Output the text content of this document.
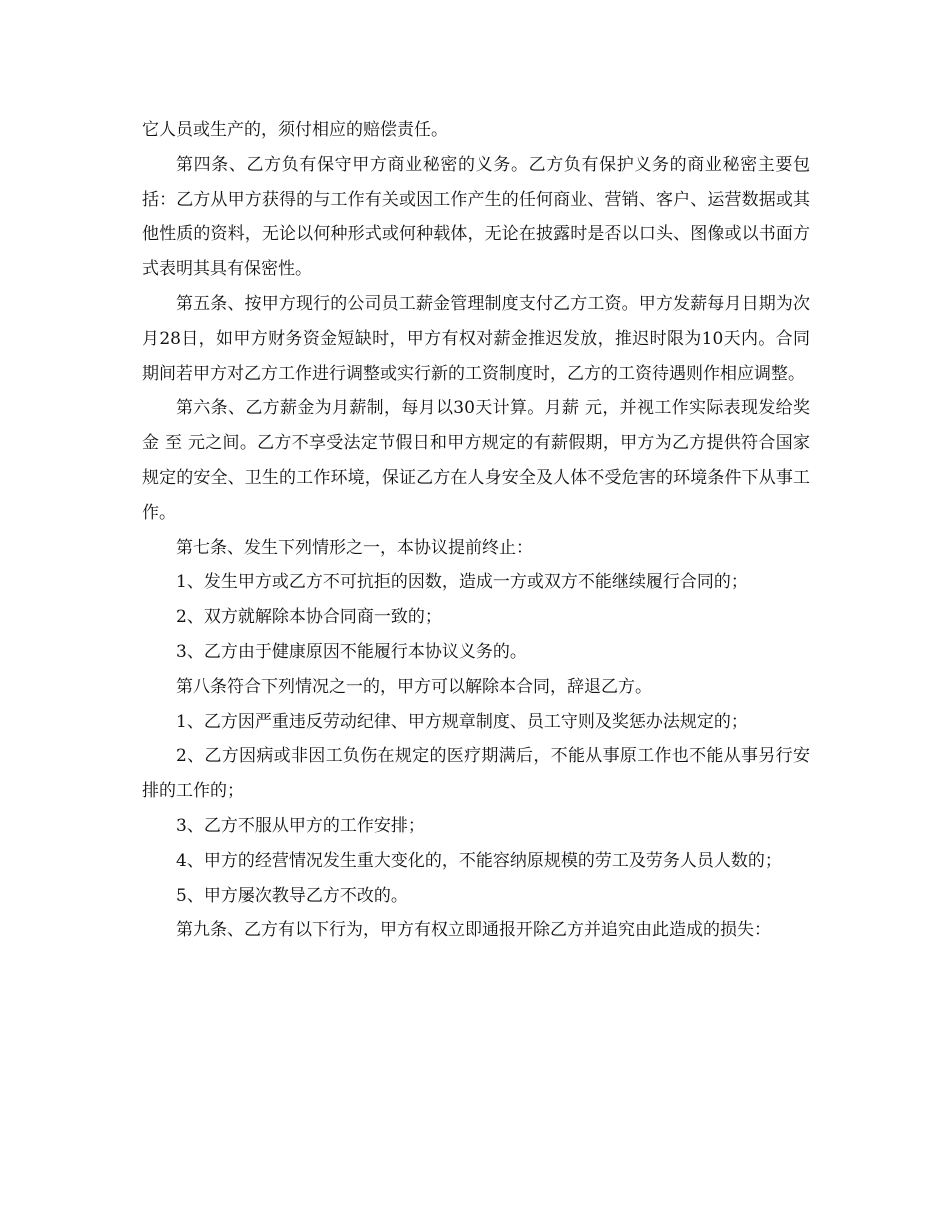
它人员或生产的，须付相应的赔偿责任。

第四条、乙方负有保守甲方商业秘密的义务。乙方负有保护义务的商业秘密主要包括：乙方从甲方获得的与工作有关或因工作产生的任何商业、营销、客户、运营数据或其他性质的资料，无论以何种形式或何种载体，无论在披露时是否以口头、图像或以书面方式表明其具有保密性。

第五条、按甲方现行的公司员工薪金管理制度支付乙方工资。甲方发薪每月日期为次月28日，如甲方财务资金短缺时，甲方有权对薪金推迟发放，推迟时限为10天内。合同期间若甲方对乙方工作进行调整或实行新的工资制度时，乙方的工资待遇则作相应调整。

第六条、乙方薪金为月薪制，每月以30天计算。月薪 元，并视工作实际表现发给奖金 至 元之间。乙方不享受法定节假日和甲方规定的有薪假期，甲方为乙方提供符合国家规定的安全、卫生的工作环境，保证乙方在人身安全及人体不受危害的环境条件下从事工作。

第七条、发生下列情形之一，本协议提前终止：

1、发生甲方或乙方不可抗拒的因数，造成一方或双方不能继续履行合同的；

2、双方就解除本协合同商一致的；

3、乙方由于健康原因不能履行本协议义务的。

第八条符合下列情况之一的，甲方可以解除本合同，辞退乙方。

1、乙方因严重违反劳动纪律、甲方规章制度、员工守则及奖惩办法规定的；

2、乙方因病或非因工负伤在规定的医疗期满后，不能从事原工作也不能从事另行安排的工作的；

3、乙方不服从甲方的工作安排；

4、甲方的经营情况发生重大变化的，不能容纳原规模的劳工及劳务人员人数的；

5、甲方屡次教导乙方不改的。

第九条、乙方有以下行为，甲方有权立即通报开除乙方并追究由此造成的损失：
